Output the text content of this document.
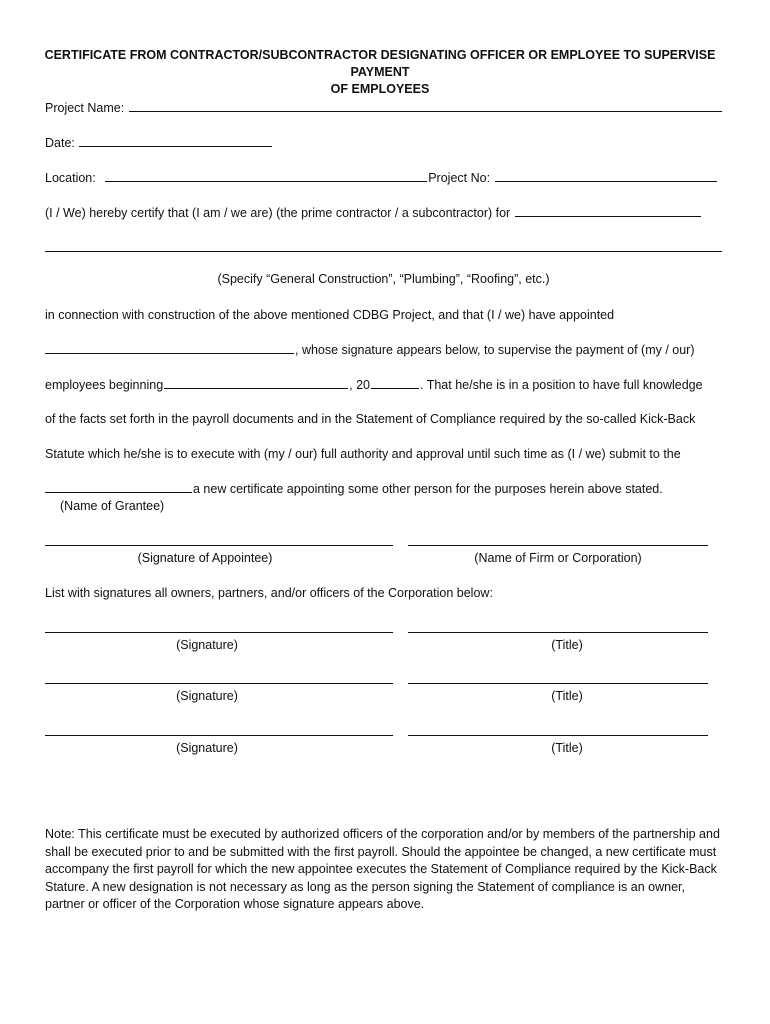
CERTIFICATE FROM CONTRACTOR/SUBCONTRACTOR DESIGNATING OFFICER OR EMPLOYEE TO SUPERVISE PAYMENT
OF EMPLOYEES
Project Name:
Date:
Location:	Project No:
(I / We) hereby certify that (I am / we are) (the prime contractor / a subcontractor) for
(Specify “General Construction”, “Plumbing”, “Roofing”, etc.)
in connection with construction of the above mentioned CDBG Project, and that (I / we) have appointed
, whose signature appears below, to supervise the payment of (my / our)
employees beginning	, 20	. That he/she is in a position to have full knowledge
of the facts set forth in the payroll documents and in the Statement of Compliance required by the so-called Kick-Back
Statute which he/she is to execute with (my / our) full authority and approval until such time as (I / we) submit to the
a new certificate appointing some other person for the purposes herein above stated.
(Name of Grantee)
(Signature of Appointee)	(Name of Firm or Corporation)
List with signatures all owners, partners, and/or officers of the Corporation below:
(Signature)	(Title)
(Signature)	(Title)
(Signature)	(Title)
Note: This certificate must be executed by authorized officers of the corporation and/or by members of the partnership and shall be executed prior to and be submitted with the first payroll. Should the appointee be changed, a new certificate must accompany the first payroll for which the new appointee executes the Statement of Compliance required by the Kick-Back Stature. A new designation is not necessary as long as the person signing the Statement of compliance is an owner, partner or officer of the Corporation whose signature appears above.
